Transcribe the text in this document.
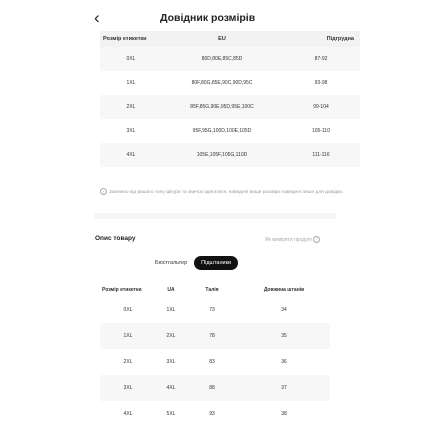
‹	Довідник розмірів
Розмір етикетки	EU	Підгрудна
0XL	80D,80E,85C,85D	87-92
1XL	80F,80G,85E,90C,90D,95C	93-98
2XL	85F,85G,90E,95D,95E,100C	99-104
3XL	95F,95G,100D,100E,105D	105-110
4XL	105E,105F,105G,110D	111-116
i Залежно від вашого типу фігури та звичок одягатися, наведені вище розміри наведені лише для довідки.
Опис товару	Як виміряти продукт ?
Бюстгальтер	Підштаники
Розмір етикетки	UA	Талія	Довжина штанів
0XL	1XL	73	34
1XL	2XL	78	35
2XL	3XL	83	36
3XL	4XL	88	37
4XL	5XL	93	38
